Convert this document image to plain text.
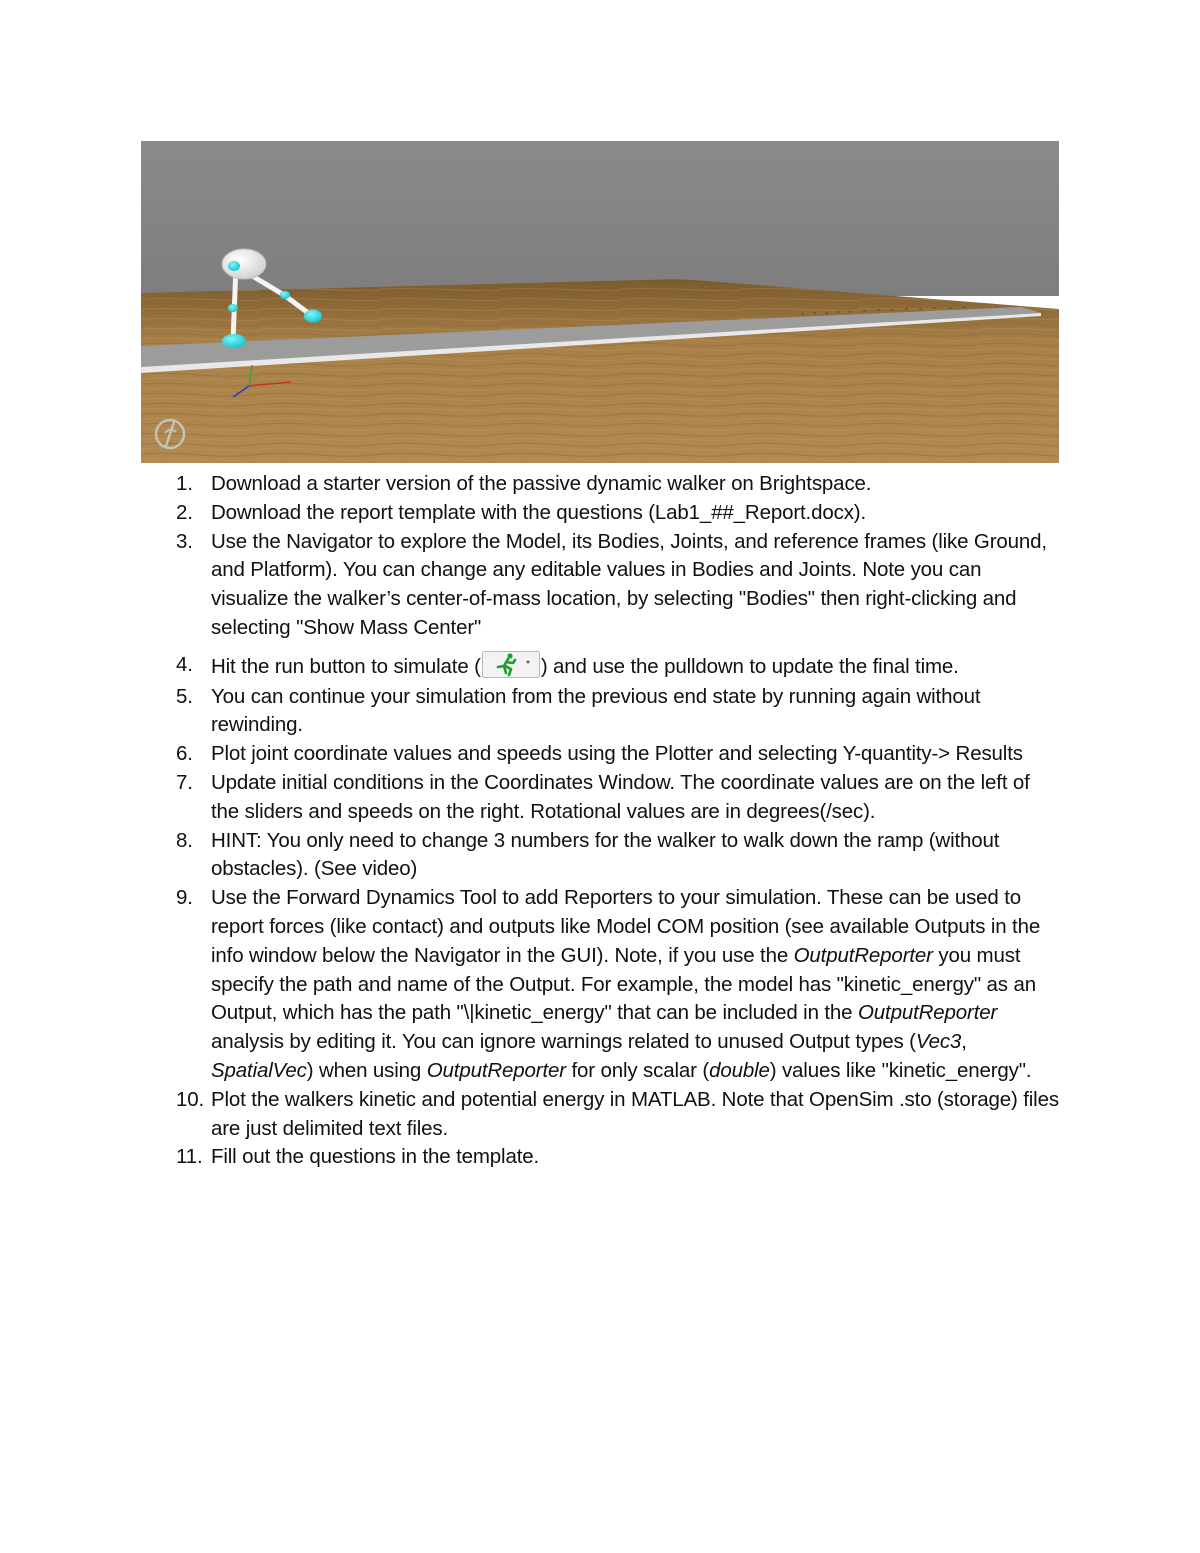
1. Download a starter version of the passive dynamic walker on Brightspace.
2. Download the report template with the questions (Lab1_##_Report.docx).
3. Use the Navigator to explore the Model, its Bodies, Joints, and reference frames (like Ground, and Platform). You can change any editable values in Bodies and Joints. Note you can visualize the walker’s center-of-mass location, by selecting "Bodies" then right-clicking and selecting "Show Mass Center"
4. Hit the run button to simulate (	) and use the pulldown to update the final time.
5. You can continue your simulation from the previous end state by running again without rewinding.
6. Plot joint coordinate values and speeds using the Plotter and selecting Y-quantity-> Results
7. Update initial conditions in the Coordinates Window. The coordinate values are on the left of the sliders and speeds on the right. Rotational values are in degrees(/sec).
8. HINT: You only need to change 3 numbers for the walker to walk down the ramp (without obstacles). (See video)
9. Use the Forward Dynamics Tool to add Reporters to your simulation. These can be used to report forces (like contact) and outputs like Model COM position (see available Outputs in the info window below the Navigator in the GUI). Note, if you use the OutputReporter you must specify the path and name of the Output. For example, the model has "kinetic_energy" as an Output, which has the path "\|kinetic_energy" that can be included in the OutputReporter analysis by editing it. You can ignore warnings related to unused Output types (Vec3, SpatialVec) when using OutputReporter for only scalar (double) values like "kinetic_energy".
10. Plot the walkers kinetic and potential energy in MATLAB. Note that OpenSim .sto (storage) files are just delimited text files.
11. Fill out the questions in the template.
